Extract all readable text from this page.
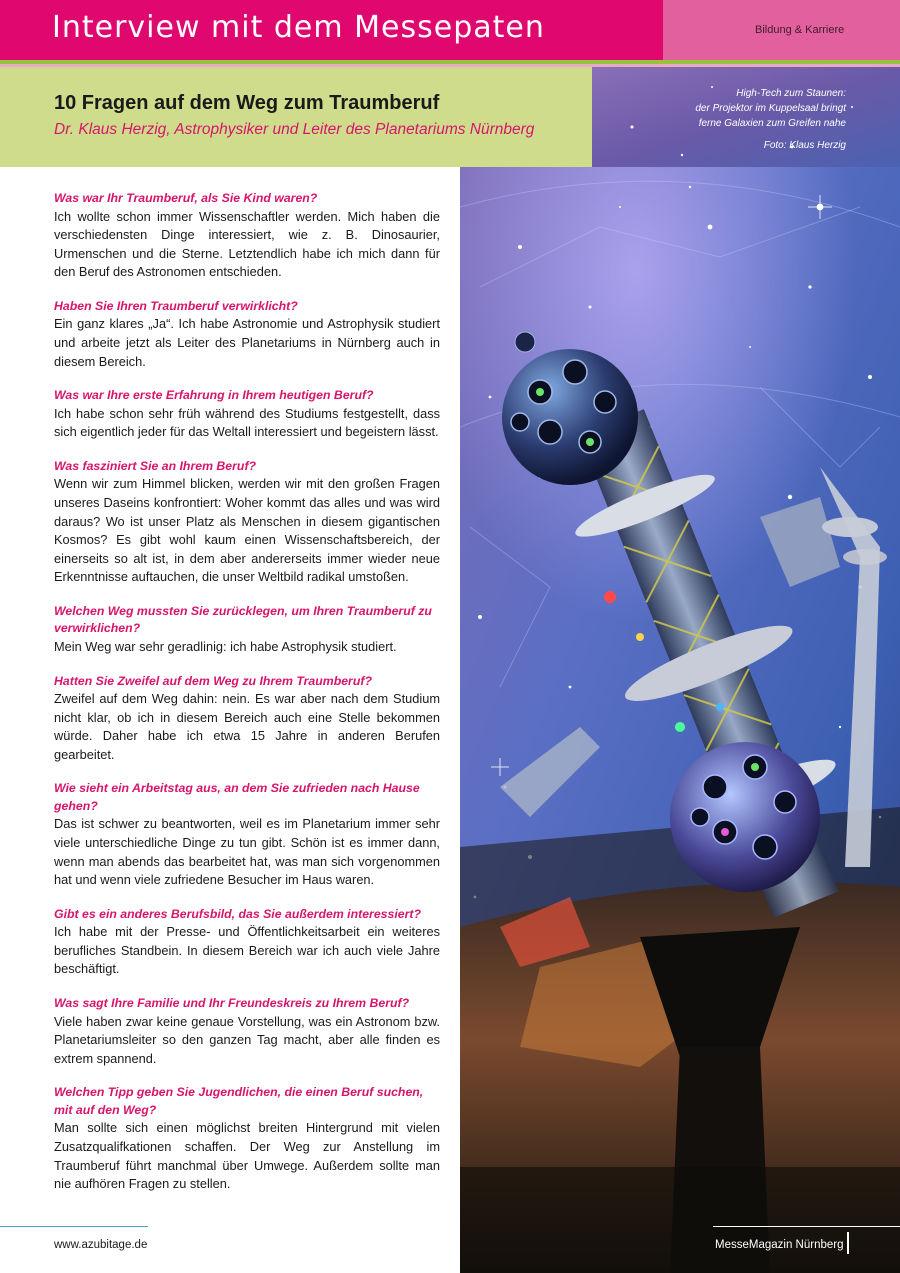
Interview mit dem Messepaten	Bildung & Karriere
10 Fragen auf dem Weg zum Traumberuf
Dr. Klaus Herzig, Astrophysiker und Leiter des Planetariums Nürnberg
High-Tech zum Staunen:
der Projektor im Kuppelsaal bringt
ferne Galaxien zum Greifen nahe
Foto: Klaus Herzig
Was war Ihr Traumberuf, als Sie Kind waren?

Ich wollte schon immer Wissenschaftler werden. Mich haben die verschiedensten Dinge interessiert, wie z. B. Dinosaurier, Urmenschen und die Sterne. Letztendlich habe ich mich dann für den Beruf des Astronomen entschieden.

Haben Sie Ihren Traumberuf verwirklicht?

Ein ganz klares „Ja“. Ich habe Astronomie und Astrophysik studiert und arbeite jetzt als Leiter des Planetariums in Nürnberg auch in diesem Bereich.

Was war Ihre erste Erfahrung in Ihrem heutigen Beruf?

Ich habe schon sehr früh während des Studiums festgestellt, dass sich eigentlich jeder für das Weltall interessiert und begeistern lässt.

Was fasziniert Sie an Ihrem Beruf?

Wenn wir zum Himmel blicken, werden wir mit den großen Fragen unseres Daseins konfrontiert: Woher kommt das alles und was wird daraus? Wo ist unser Platz als Menschen in diesem gigantischen Kosmos? Es gibt wohl kaum einen Wissenschaftsbereich, der einerseits so alt ist, in dem aber andererseits immer wieder neue Erkenntnisse auftauchen, die unser Weltbild radikal umstoßen.

Welchen Weg mussten Sie zurücklegen, um Ihren Traumberuf zu verwirklichen?

Mein Weg war sehr geradlinig: ich habe Astrophysik studiert.

Hatten Sie Zweifel auf dem Weg zu Ihrem Traumberuf?

Zweifel auf dem Weg dahin: nein. Es war aber nach dem Studium nicht klar, ob ich in diesem Bereich auch eine Stelle bekommen würde. Daher habe ich etwa 15 Jahre in anderen Berufen gearbeitet.

Wie sieht ein Arbeitstag aus, an dem Sie zufrieden nach Hause gehen?

Das ist schwer zu beantworten, weil es im Planetarium immer sehr viele unterschiedliche Dinge zu tun gibt. Schön ist es immer dann, wenn man abends das bearbeitet hat, was man sich vorgenommen hat und wenn viele zufriedene Besucher im Haus waren.

Gibt es ein anderes Berufsbild, das Sie außerdem interessiert?

Ich habe mit der Presse- und Öffentlichkeitsarbeit ein weiteres berufliches Standbein. In diesem Bereich war ich auch viele Jahre beschäftigt.

Was sagt Ihre Familie und Ihr Freundeskreis zu Ihrem Beruf?

Viele haben zwar keine genaue Vorstellung, was ein Astronom bzw. Planetariumsleiter so den ganzen Tag macht, aber alle finden es extrem spannend.

Welchen Tipp geben Sie Jugendlichen, die einen Beruf suchen, mit auf den Weg?

Man sollte sich einen möglichst breiten Hintergrund mit vielen Zusatzqualifkationen schaffen. Der Weg zur Anstellung im Traumberuf führt manchmal über Umwege. Außerdem sollte man nie aufhören Fragen zu stellen.

www.azubitage.de	MesseMagazin Nürnberg
